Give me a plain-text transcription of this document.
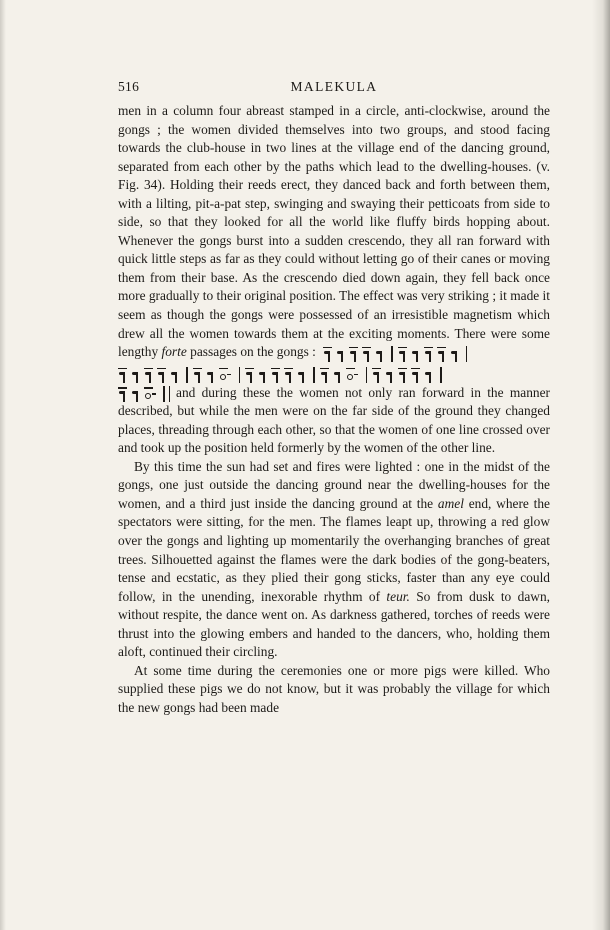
516	MALEKULA

men in a column four abreast stamped in a circle, anti-clockwise, around the gongs ; the women divided themselves into two groups, and stood facing towards the club-house in two lines at the village end of the dancing ground, separated from each other by the paths which lead to the dwelling-houses. (v. Fig. 34). Holding their reeds erect, they danced back and forth between them, with a lilting, pit-a-pat step, swinging and swaying their petticoats from side to side, so that they looked for all the world like fluffy birds hopping about. Whenever the gongs burst into a sudden crescendo, they all ran forward with quick little steps as far as they could without letting go of their canes or moving them from their base. As the crescendo died down again, they fell back once more gradually to their original position. The effect was very striking ; it made it seem as though the gongs were possessed of an irresistible magnetism which drew all the women towards them at the exciting moments. There were some lengthy forte passages on the gongs :

and during these the women not only ran forward in the manner described, but while the men were on the far side of the ground they changed places, threading through each other, so that the women of one line crossed over and took up the position held formerly by the women of the other line.

By this time the sun had set and fires were lighted : one in the midst of the gongs, one just outside the dancing ground near the dwelling-houses for the women, and a third just inside the dancing ground at the amel end, where the spectators were sitting, for the men. The flames leapt up, throwing a red glow over the gongs and lighting up momentarily the overhanging branches of great trees. Silhouetted against the flames were the dark bodies of the gong-beaters, tense and ecstatic, as they plied their gong sticks, faster than any eye could follow, in the unending, inexorable rhythm of teur. So from dusk to dawn, without respite, the dance went on. As darkness gathered, torches of reeds were thrust into the glowing embers and handed to the dancers, who, holding them aloft, continued their circling.

At some time during the ceremonies one or more pigs were killed. Who supplied these pigs we do not know, but it was probably the village for which the new gongs had been made
